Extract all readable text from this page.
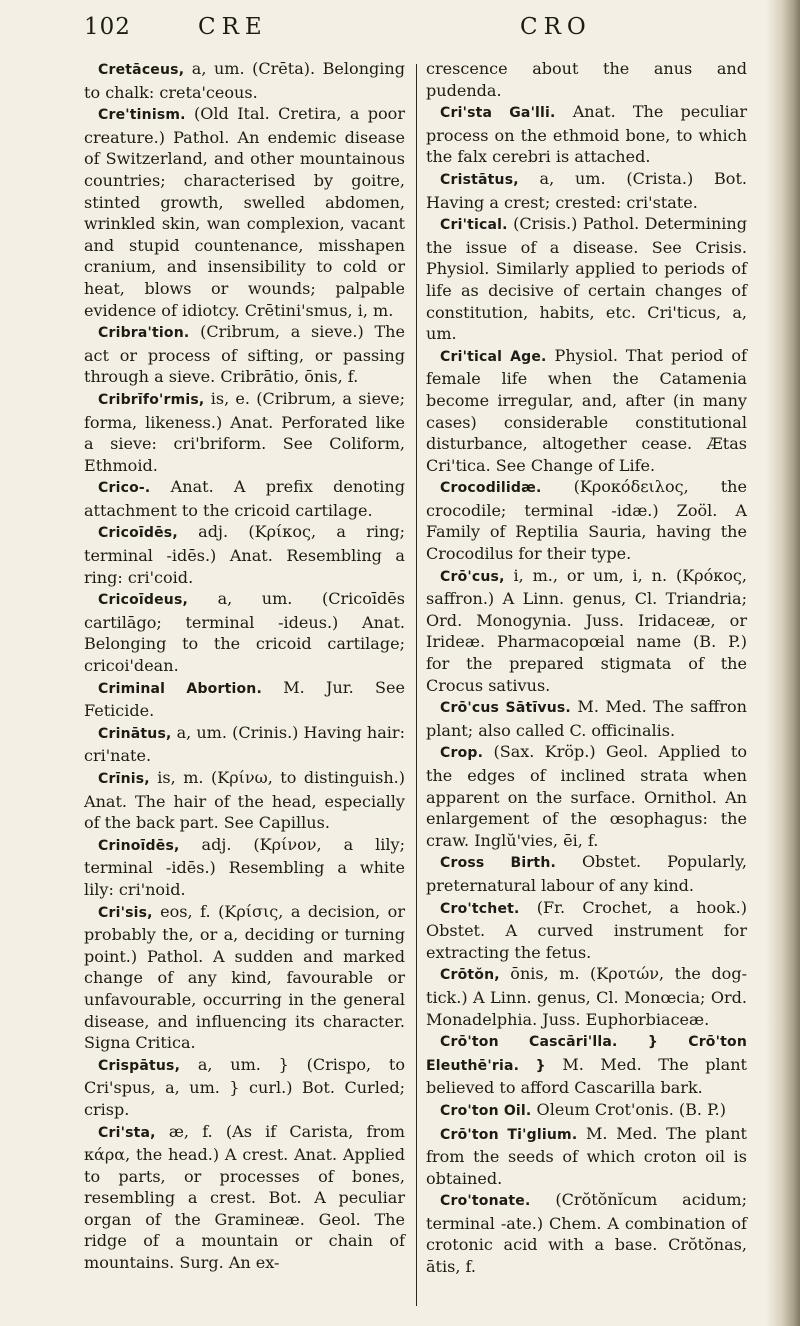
102	CRE	CRO

Cretāceus, a, um. (Crēta). Belonging to chalk: creta'ceous.

Cre'tinism. (Old Ital. Cretira, a poor creature.) Pathol. An endemic disease of Switzerland, and other mountainous countries; characterised by goitre, stinted growth, swelled abdomen, wrinkled skin, wan complexion, vacant and stupid countenance, misshapen cranium, and insensibility to cold or heat, blows or wounds; palpable evidence of idiotcy. Crētini'smus, i, m.

Cribra'tion. (Cribrum, a sieve.) The act or process of sifting, or passing through a sieve. Cribrātio, ōnis, f.

Cribrīfo'rmis, is, e. (Cribrum, a sieve; forma, likeness.) Anat. Perforated like a sieve: cri'briform. See Coliform, Ethmoid.

Crico-. Anat. A prefix denoting attachment to the cricoid cartilage.

Cricoīdēs, adj. (Κρίκος, a ring; terminal -idēs.) Anat. Resembling a ring: cri'coid.

Cricoīdeus, a, um. (Cricoīdēs cartilāgo; terminal -ideus.) Anat. Belonging to the cricoid cartilage; cricoi'dean.

Criminal Abortion. M. Jur. See Feticide.

Crinātus, a, um. (Crinis.) Having hair: cri'nate.

Crīnis, is, m. (Κρίνω, to distinguish.) Anat. The hair of the head, especially of the back part. See Capillus.

Crinoīdēs, adj. (Κρίνον, a lily; terminal -idēs.) Resembling a white lily: cri'noid.

Cri'sis, eos, f. (Κρίσις, a decision, or probably the, or a, deciding or turning point.) Pathol. A sudden and marked change of any kind, favourable or unfavourable, occurring in the general disease, and influencing its character. Signa Critica.

Crispātus, a, um. } (Crispo, to Cri'spus, a, um. } curl.) Bot. Curled; crisp.

Cri'sta, æ, f. (As if Carista, from κάρα, the head.) A crest. Anat. Applied to parts, or processes of bones, resembling a crest. Bot. A peculiar organ of the Gramineæ. Geol. The ridge of a mountain or chain of mountains. Surg. An ex-

crescence about the anus and pudenda.

Cri'sta Ga'lli. Anat. The peculiar process on the ethmoid bone, to which the falx cerebri is attached.

Cristātus, a, um. (Crista.) Bot. Having a crest; crested: cri'state.

Cri'tical. (Crisis.) Pathol. Determining the issue of a disease. See Crisis. Physiol. Similarly applied to periods of life as decisive of certain changes of constitution, habits, etc. Cri'ticus, a, um.

Cri'tical Age. Physiol. That period of female life when the Catamenia become irregular, and, after (in many cases) considerable constitutional disturbance, altogether cease. Ætas Cri'tica. See Change of Life.

Crocodilidæ. (Κροκόδειλος, the crocodile; terminal -idæ.) Zoöl. A Family of Reptilia Sauria, having the Crocodilus for their type.

Crō'cus, i, m., or um, i, n. (Κρόκος, saffron.) A Linn. genus, Cl. Triandria; Ord. Monogynia. Juss. Iridaceæ, or Irideæ. Pharmacopœial name (B. P.) for the prepared stigmata of the Crocus sativus.

Crō'cus Sātīvus. M. Med. The saffron plant; also called C. officinalis.

Crop. (Sax. Kröp.) Geol. Applied to the edges of inclined strata when apparent on the surface. Ornithol. An enlargement of the œsophagus: the craw. Inglŭ'vies, ēi, f.

Cross Birth. Obstet. Popularly, preternatural labour of any kind.

Cro'tchet. (Fr. Crochet, a hook.) Obstet. A curved instrument for extracting the fetus.

Crōtŏn, ōnis, m. (Κροτών, the dog-tick.) A Linn. genus, Cl. Monœcia; Ord. Monadelphia. Juss. Euphorbiaceæ.

Crō'ton Cascāri'lla. } Crō'ton Eleuthē'ria. } M. Med. The plant believed to afford Cascarilla bark.

Cro'ton Oil. Oleum Crot'onis. (B. P.)

Crō'ton Ti'glium. M. Med. The plant from the seeds of which croton oil is obtained.

Cro'tonate. (Crŏtŏnĭcum acidum; terminal -ate.) Chem. A combination of crotonic acid with a base. Crŏtŏnas, ātis, f.
